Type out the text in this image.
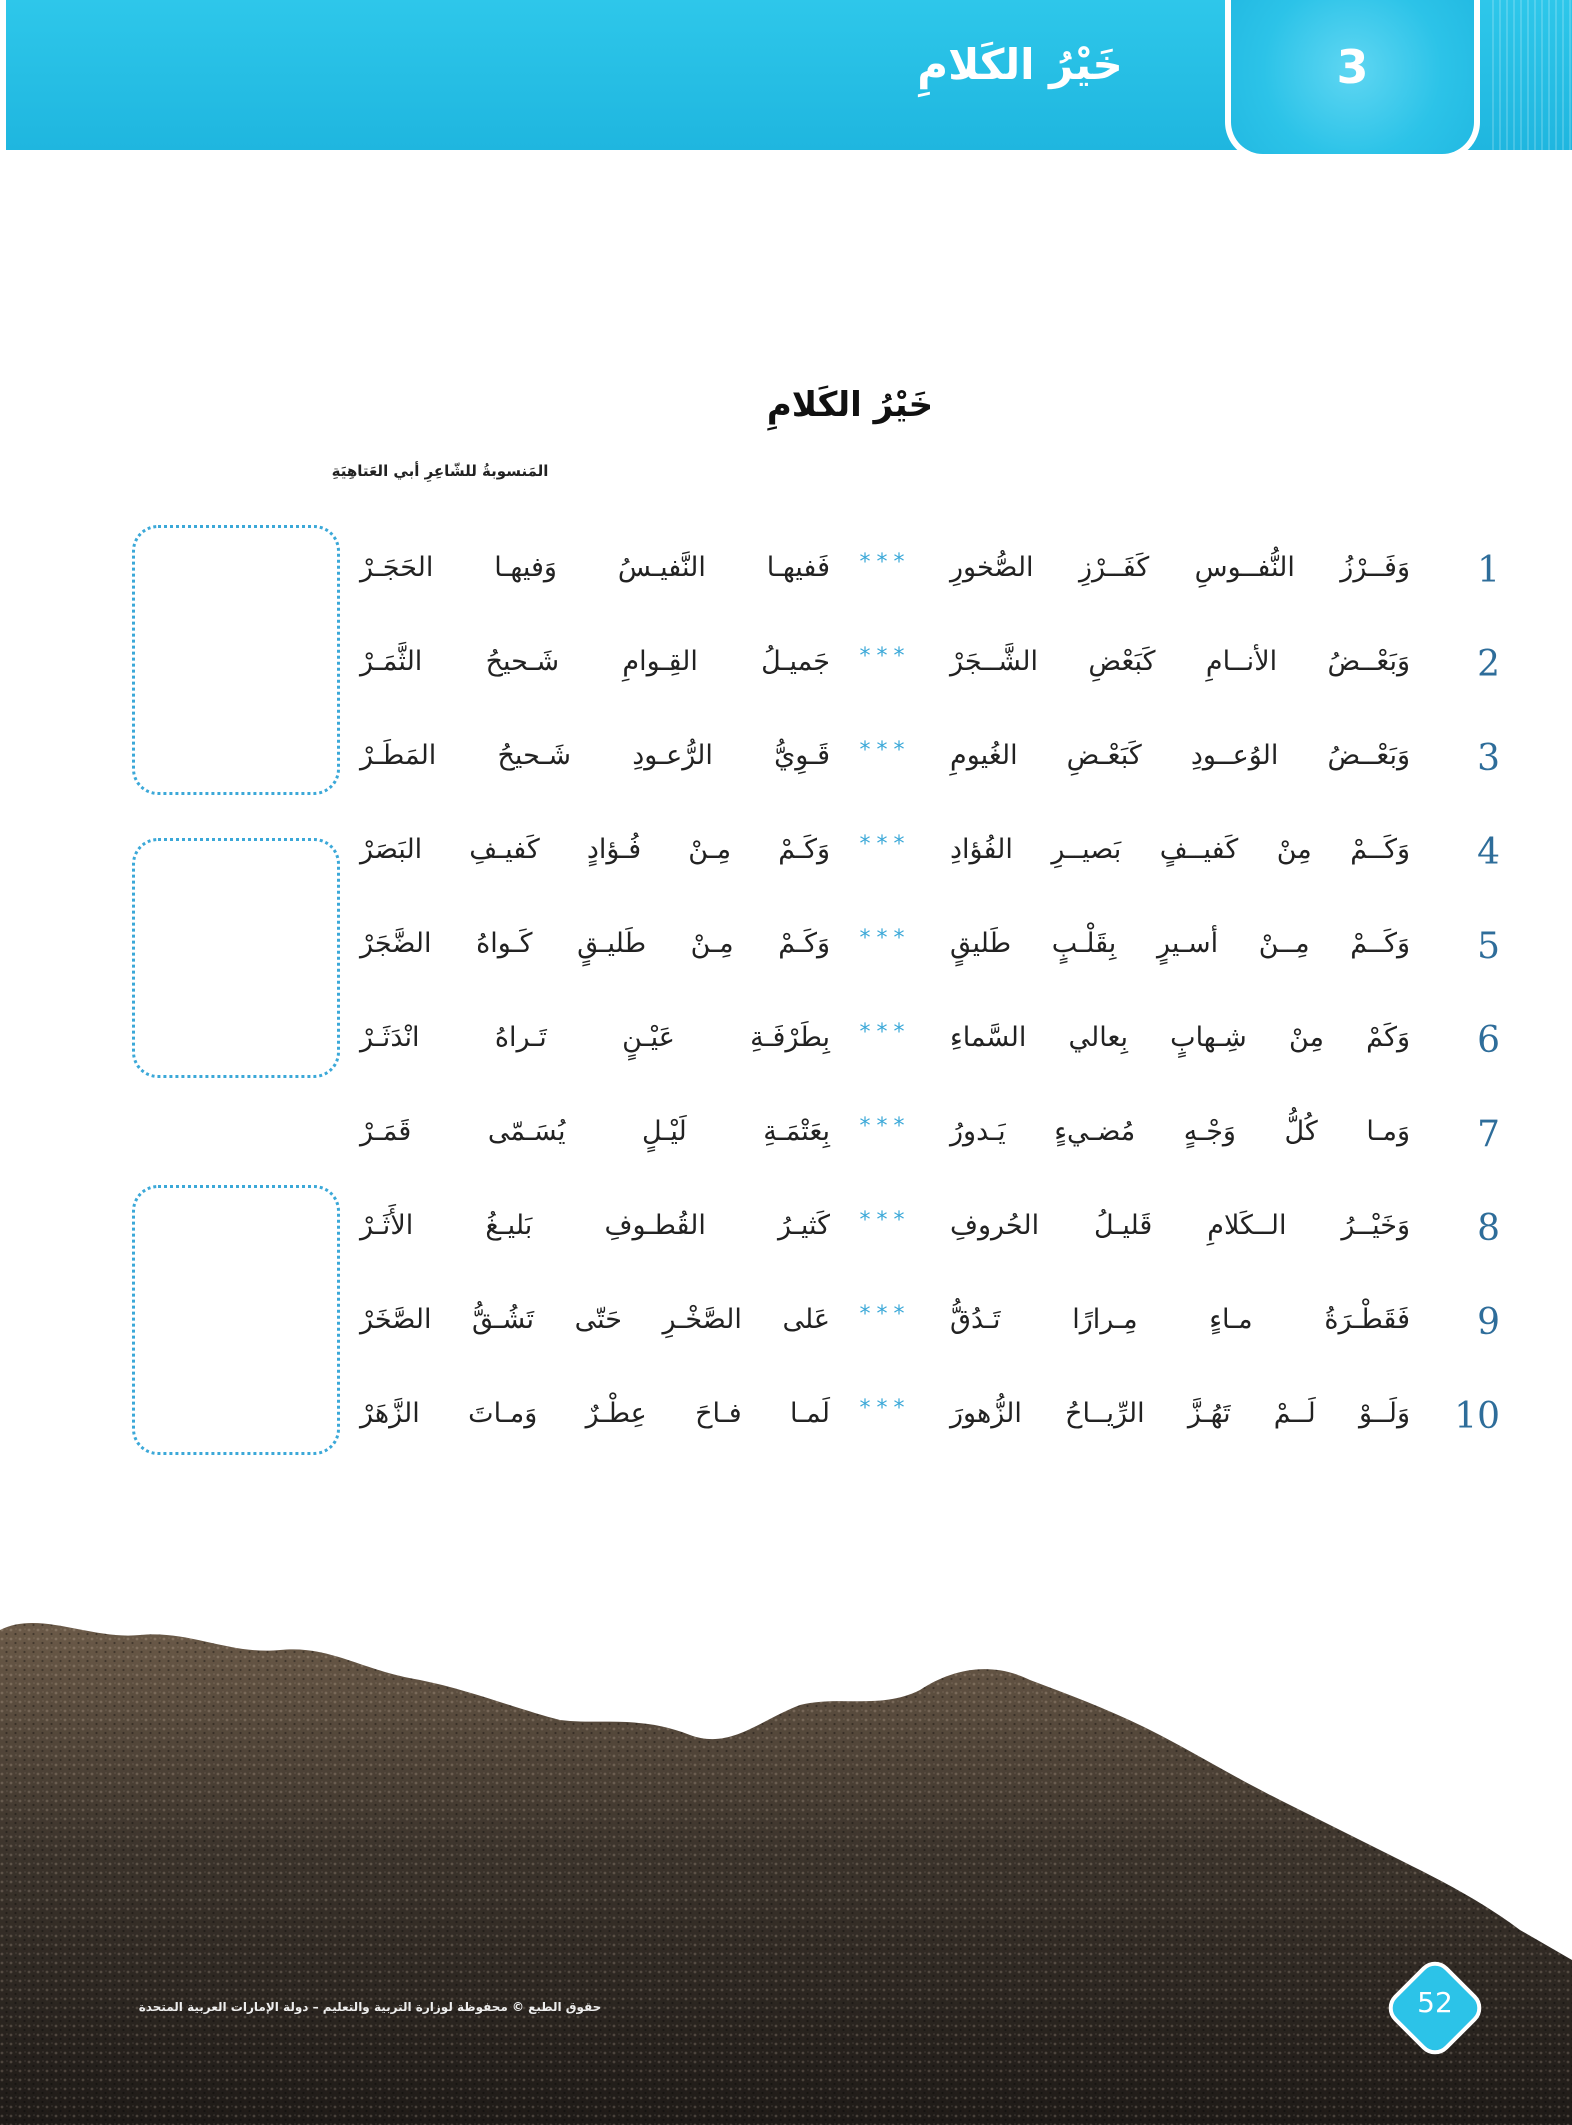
خَيْرُ الكَلامِ	3
خَيْرُ الكَلامِ
المَنسوبةُ للشّاعِرِ أبي العَتاهِيَةِ
1
وَفَــرْزُ النُّفــوسِ كَفَــرْزِ الصُّخورِ
***
فَفيهـا النَّفيـسُ وَفيهـا الحَجَـرْ
2
وَبَعْــضُ الأنــامِ كَبَعْضِ الشَّــجَرْ
***
جَميـلُ القِـوامِ شَـحيحُ الثَّمَـرْ
3
وَبَعْــضُ الوُعــودِ كَبَعْـضِ الغُيومِ
***
قَـوِيُّ الرُّعـودِ شَـحيحُ المَطَـرْ
4
وَكَــمْ مِنْ كَفيــفٍ بَصيــرِ الفُؤادِ
***
وَكَـمْ مِـنْ فُـؤادٍ كَفيـفِ البَصَرْ
5
وَكَــمْ مِــنْ أسـيرٍ بِقَلْـبٍ طَليقٍ
***
وَكَـمْ مِـنْ طَليـقٍ كَـواهُ الضَّجَرْ
6
وَكَمْ مِنْ شِـهابٍ بِعالي السَّماءِ
***
بِطَرْفَـةِ عَيْـنٍ تَـراهُ انْدَثَـرْ
7
وَمـا كُلُّ وَجْـهٍ مُضـيءٍ يَـدورُ
***
بِعَتْمَـةِ لَيْـلٍ يُسَـمّى قَمَـرْ
8
وَخَيْــرُ الــكَلامِ قَليـلُ الحُروفِ
***
كَثيـرُ القُطـوفِ بَليـغُ الأَثَـرْ
9
فَقَطْـرَةُ مـاءٍ مِـرارًا تَـدُقُّ
***
عَلى الصَّخْـرِ حَتّى تَشُـقُّ الصَّخَرْ
10
وَلَــوْ لَــمْ تَهُـزَّ الرِّيــاحُ الزُّهورَ
***
لَمـا فـاحَ عِطْـرٌ وَمـاتَ الزَّهَرْ
حقوق الطبع © محفوظة لوزارة التربية والتعليم – دولة الإمارات العربية المتحدة	52
